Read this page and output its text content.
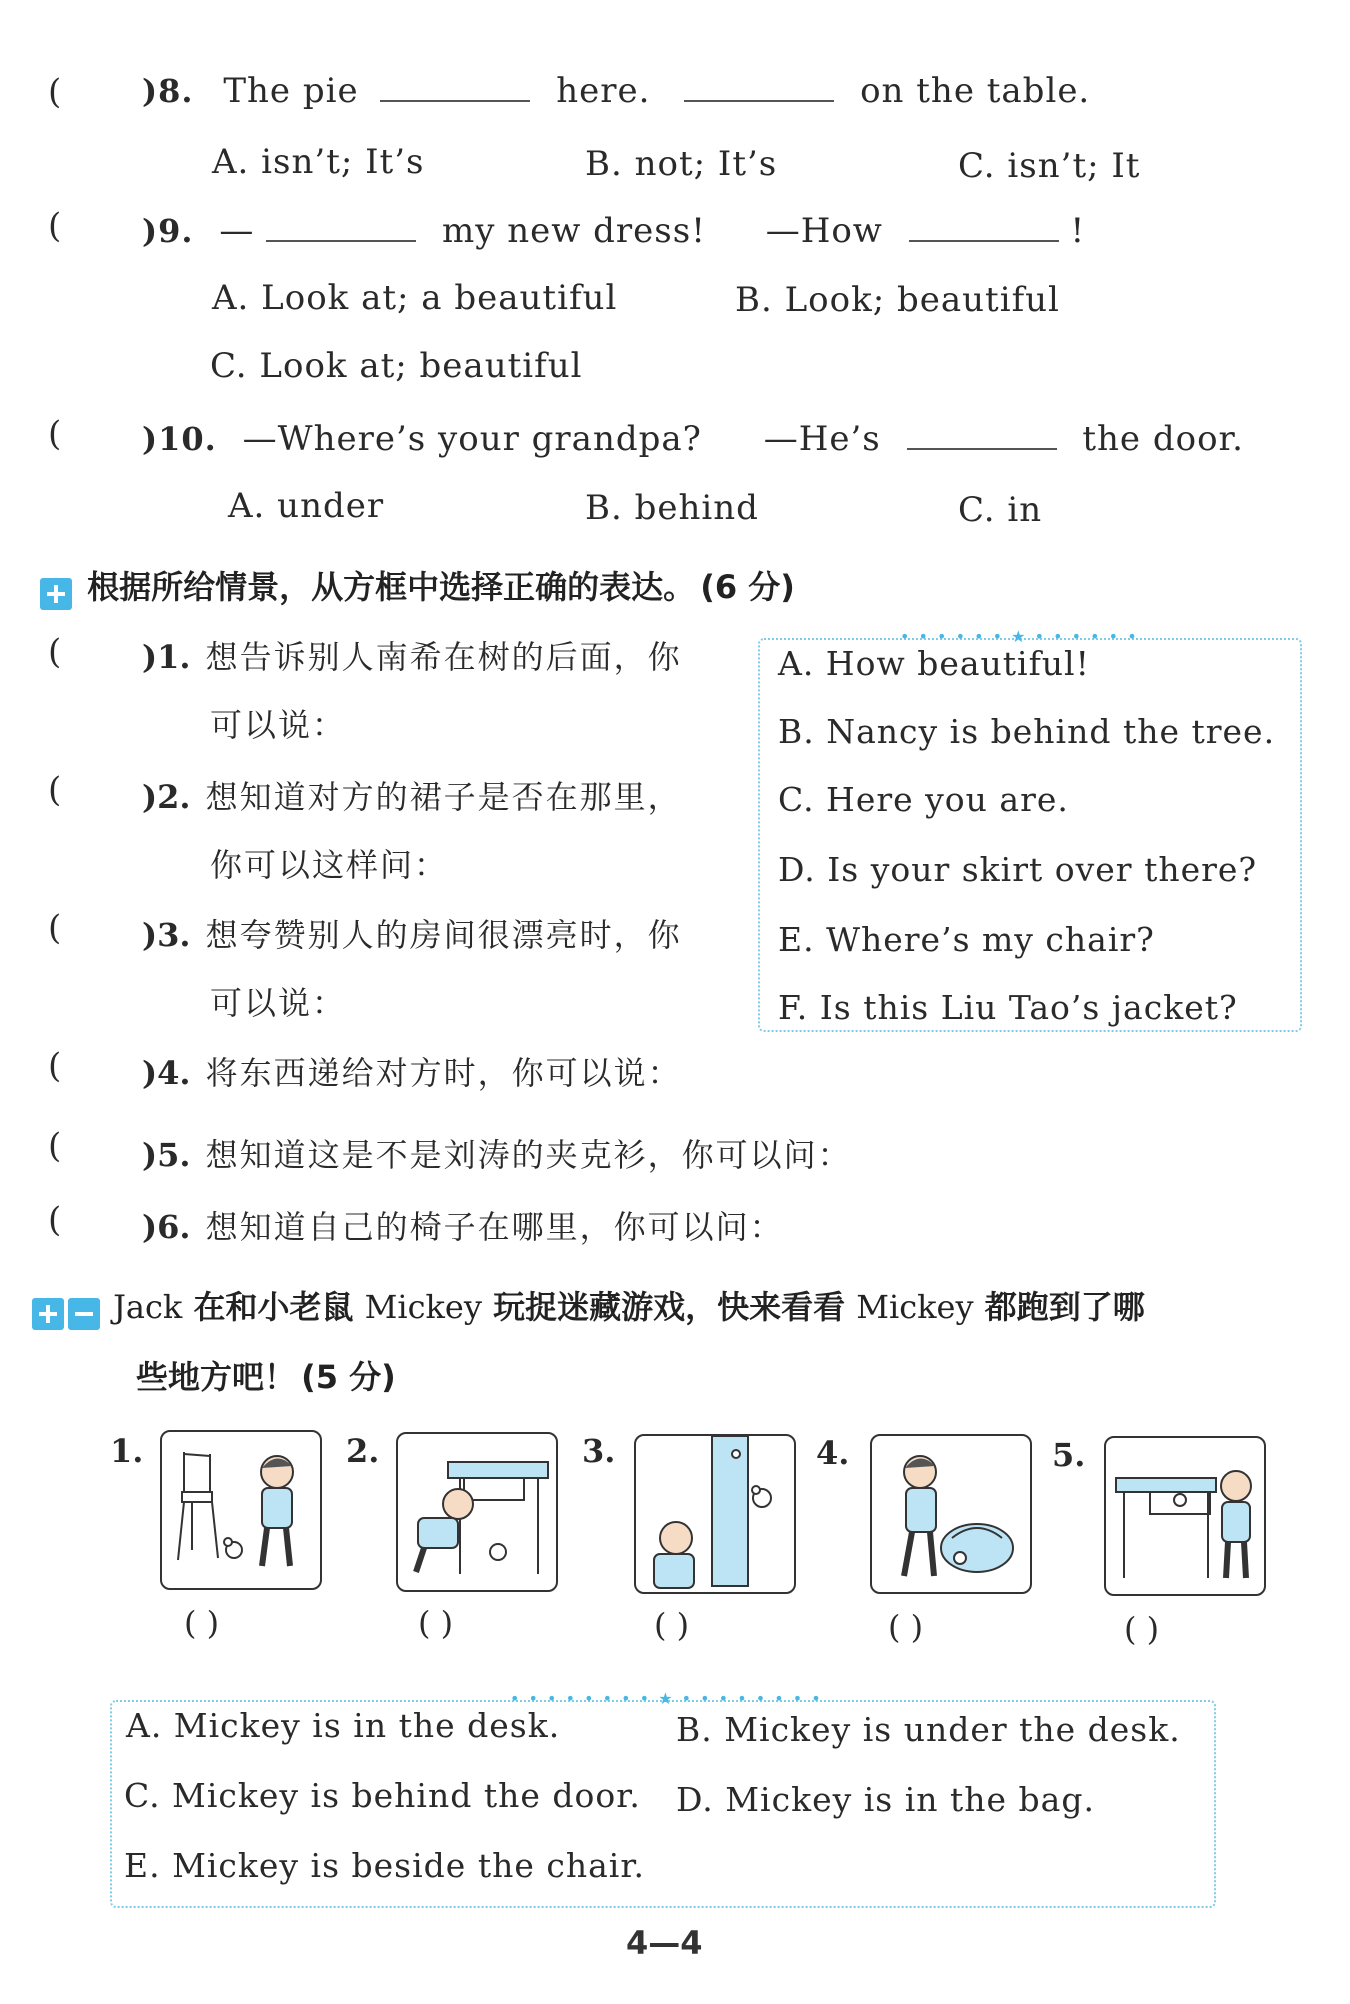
(	)8. The pie	here.	on the table.
A. isn’t; It’s	B. not; It’s	C. isn’t; It
(	)9. —	my new dress! —How	!
A. Look at; a beautiful	B. Look; beautiful
C. Look at; beautiful
(	)10. —Where’s your grandpa? —He’s	the door.
A. under	B. behind	C. in
根据所给情景，从方框中选择正确的表达。 (6 分)
(	)1. 想告诉别人南希在树的后面，你
可以说：
(	)2. 想知道对方的裙子是否在那里，
你可以这样问：
(	)3. 想夸赞别人的房间很漂亮时，你
可以说：
(	)4. 将东西递给对方时，你可以说：
(	)5. 想知道这是不是刘涛的夹克衫，你可以问：
(	)6. 想知道自己的椅子在哪里，你可以问：
• • • • • • ★ • • • • • •
A. How beautiful!
B. Nancy is behind the tree.
C. Here you are.
D. Is your skirt over there?
E. Where’s my chair?
F. Is this Liu Tao’s jacket?
Jack 在和小老鼠 Mickey 玩捉迷藏游戏，快来看看 Mickey 都跑到了哪
些地方吧！ (5 分)
1.	2.	3.	4.	5.
( )	( )	( )	( )	( )
• • • • • • • • ★ • • • • • • • •
A. Mickey is in the desk.	B. Mickey is under the desk.
C. Mickey is behind the door. D. Mickey is in the bag.
E. Mickey is beside the chair.
4—4
